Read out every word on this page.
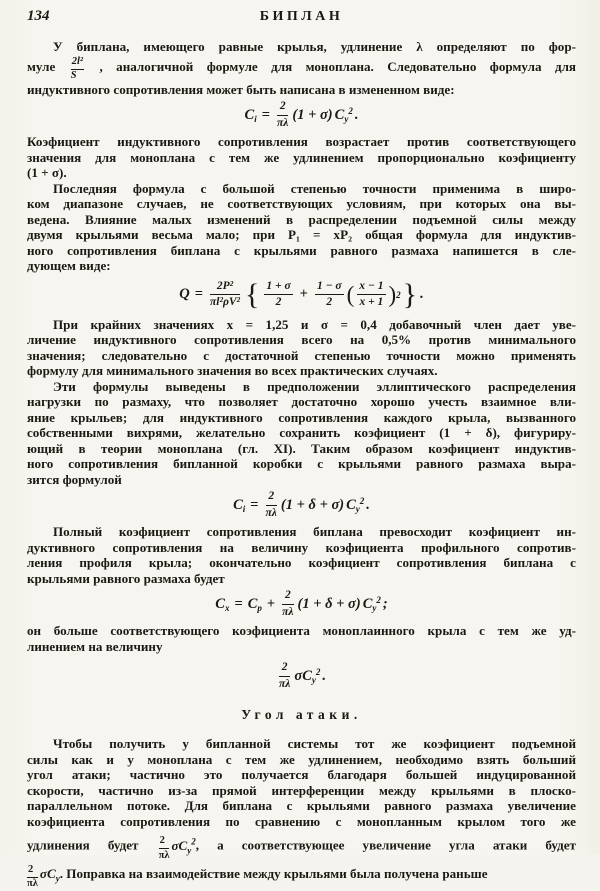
134	БИПЛАН
У биплана, имеющего равные крылья, удлинение λ определяют по фор-
муле $\frac{\text{2l²}}{S}$ , аналогичной формуле для моноплана. Следовательно формула для
индуктивного сопротивления может быть написана в измененном виде:
$C_i = \frac{2}{\pi\lambda} (1 + \sigma)$ $C_y^2$ .
Коэфициент индуктивного сопротивления возрастает против соответствующего
значения для моноплана с тем же удлинением пропорционально коэфициенту
(1 + σ).
Последняя формула с большой степенью точности применима в широ-
ком диапазоне случаев, не соответствующих условиям, при которых она вы-
ведена. Влияние малых изменений в распределении подъемной силы между
двумя крыльями весьма мало; при P₁ = xP₂ общая формула для индуктив-
ного сопротивления биплана с крыльями равного размаха напишется в сле-
дующем виде:
$Q = \frac{\text{2P²}}{\text{πl²ρV²}}$ { 1 + σ
2	+ $\frac{1 - \sigma}{2}$ ( x − 1
x + 1 ) 2 } .
При крайних значениях x = 1,25 и σ = 0,4 добавочный член дает уве-
личение индуктивного сопротивления всего на 0,5% против минимального
значения; следовательно с достаточной степенью точности можно применять
формулу для минимального значения во всех практических случаях.
Эти формулы выведены в предположении эллиптического распределения
нагрузки по размаху, что позволяет достаточно хорошо учесть взаимное вли-
яние крыльев; для индуктивного сопротивления каждого крыла, вызванного
собственными вихрями, желательно сохранить коэфициент (1 + δ), фигуриру-
ющий в теории моноплана (гл. XI). Таким образом коэфициент индуктив-
ного сопротивления бипланной коробки с крыльями равного размаха выра-
зится формулой
$C_i = \frac{2}{\pi\lambda} (1 + \delta + \sigma)$ $C_y^2$ .
Полный коэфициент сопротивления биплана превосходит коэфициент ин-
дуктивного сопротивления на величину коэфициента профильного сопротив-
ления профиля крыла; окончательно коэфициент сопротивления биплана с
крыльями равного размаха будет
$C_x = C_p + \frac{2}{\pi\lambda} (1 + \delta + \sigma)$ $C_y^2$ ;
он больше соответствующего коэфициента моноплаинного крыла с тем же уд-
линением на величину
2
πλ $\sigma C_y^2$ .
Угол атаки.
Чтобы получить у бипланной системы тот же коэфициент подъемной
силы как и у моноплана с тем же удлинением, необходимо взять больший
угол атаки; частично это получается благодаря большей индуцированной
скорости, частично из-за прямой интерференции между крыльями в плоско-
параллельном потоке. Для биплана с крыльями равного размаха увеличение
коэфициента сопротивления по сравнению с монопланным крылом того же
удлинения будет $\frac{2}{\pi\lambda} \sigma C_y^2$, а соответствующее увеличение угла атаки будет
$\frac{2}{\pi\lambda} \sigma C_y$. Поправка на взаимодействие между крыльями была получена раньше
